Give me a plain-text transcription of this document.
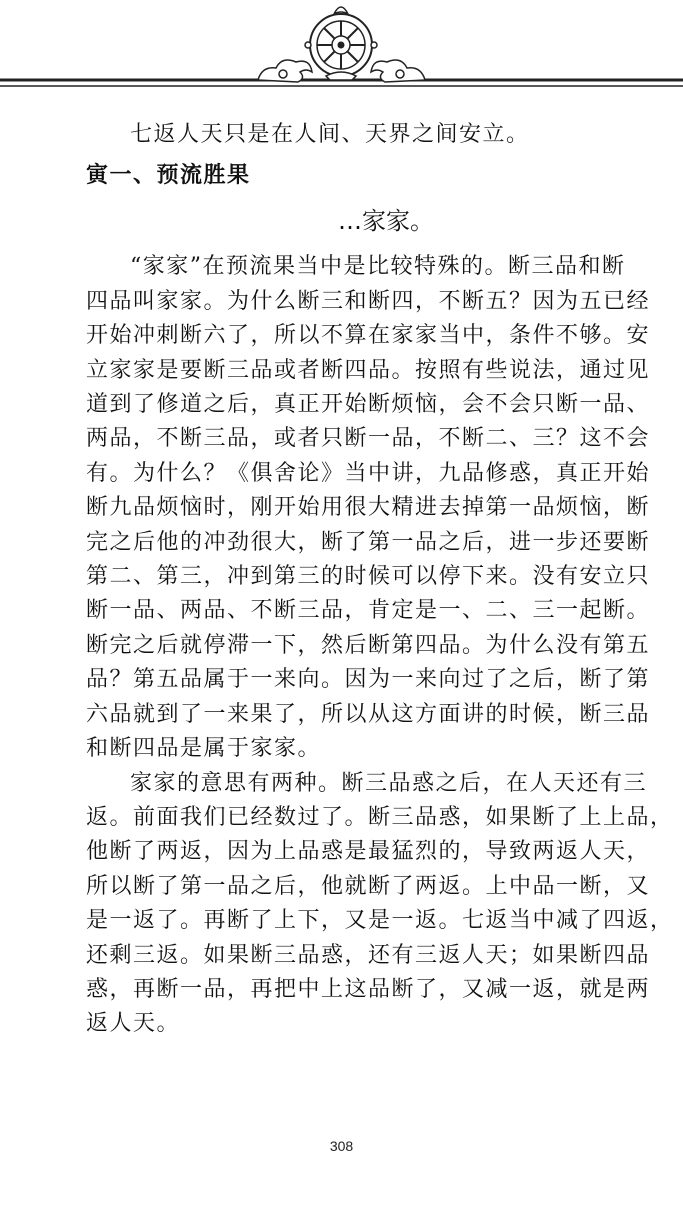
七返人天只是在人间、天界之间安立。

寅一、预流胜果

…家家。

“家家”在预流果当中是比较特殊的。断三品和断

四品叫家家。为什么断三和断四，不断五？因为五已经

开始冲刺断六了，所以不算在家家当中，条件不够。安

立家家是要断三品或者断四品。按照有些说法，通过见

道到了修道之后，真正开始断烦恼，会不会只断一品、

两品，不断三品，或者只断一品，不断二、三？这不会

有。为什么？《俱舍论》当中讲，九品修惑，真正开始

断九品烦恼时，刚开始用很大精进去掉第一品烦恼，断

完之后他的冲劲很大，断了第一品之后，进一步还要断

第二、第三，冲到第三的时候可以停下来。没有安立只

断一品、两品、不断三品，肯定是一、二、三一起断。

断完之后就停滞一下，然后断第四品。为什么没有第五

品？第五品属于一来向。因为一来向过了之后，断了第

六品就到了一来果了，所以从这方面讲的时候，断三品

和断四品是属于家家。

家家的意思有两种。断三品惑之后，在人天还有三

返。前面我们已经数过了。断三品惑，如果断了上上品，

他断了两返，因为上品惑是最猛烈的，导致两返人天，

所以断了第一品之后，他就断了两返。上中品一断，又

是一返了。再断了上下，又是一返。七返当中减了四返，

还剩三返。如果断三品惑，还有三返人天；如果断四品

惑，再断一品，再把中上这品断了，又减一返，就是两

返人天。

308
